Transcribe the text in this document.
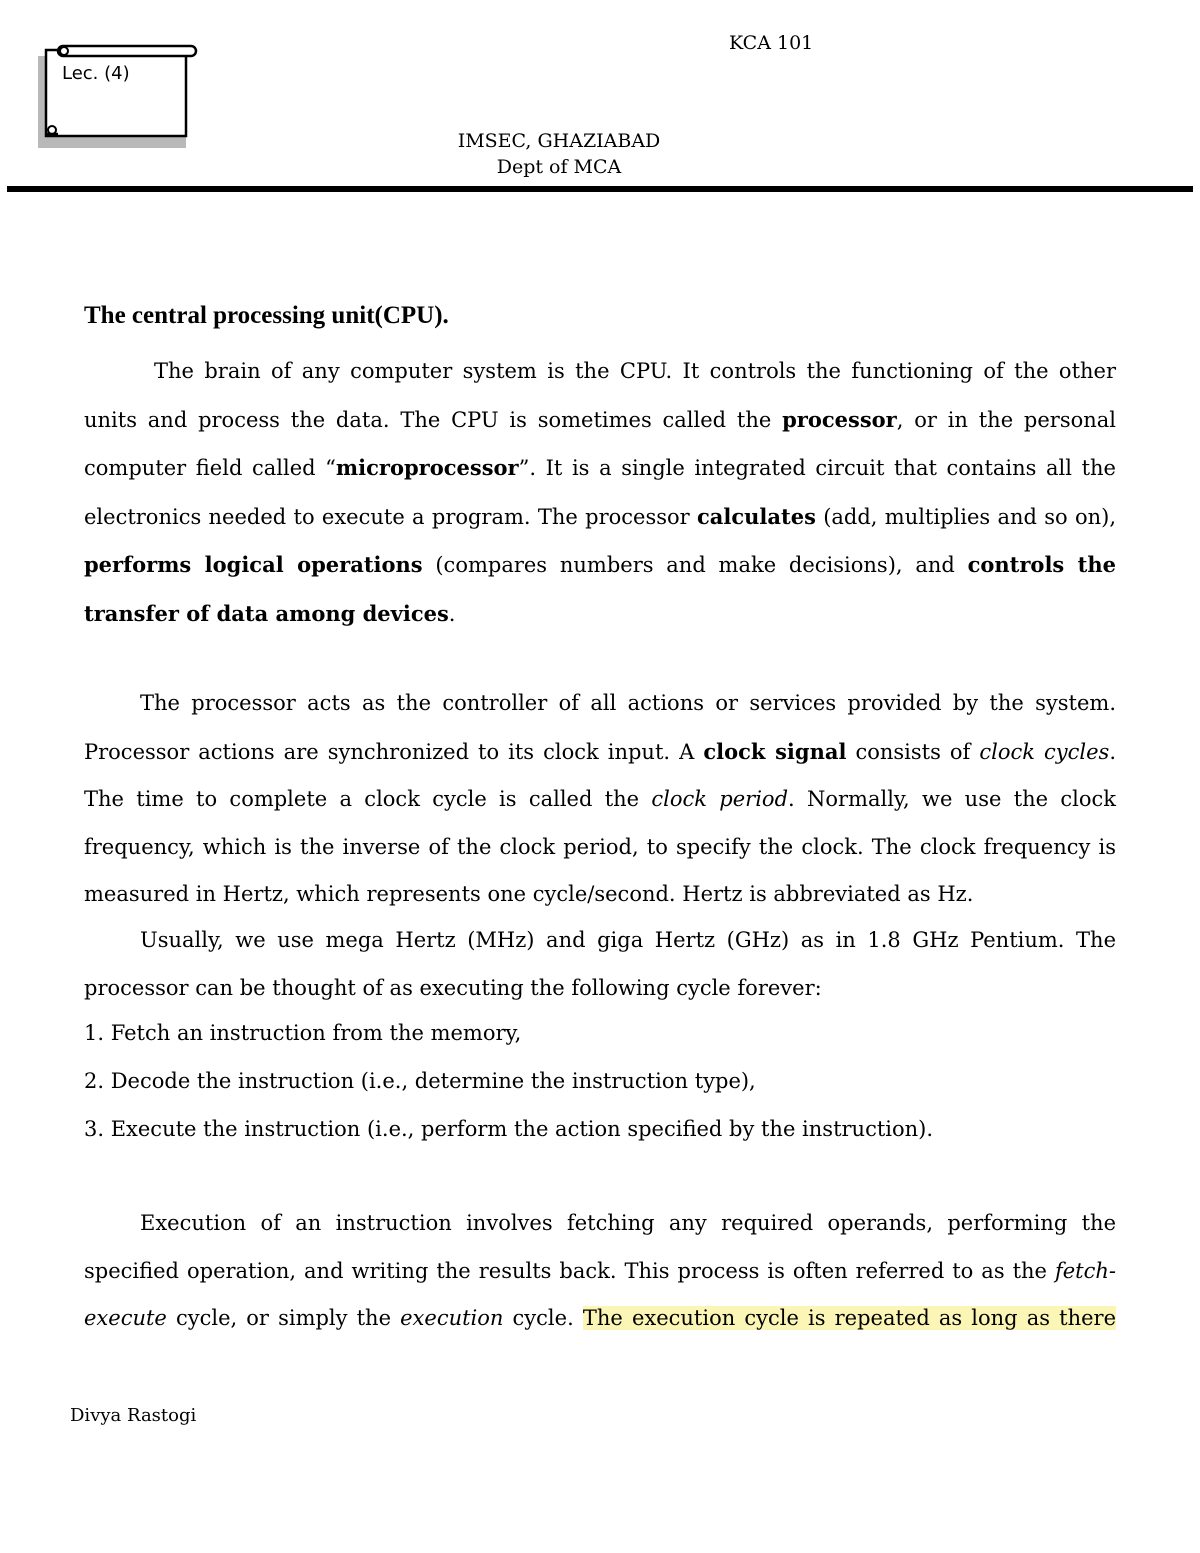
KCA 101
Lec. (4)
IMSEC, GHAZIABAD
Dept of MCA
The central processing unit(CPU).
The brain of any computer system is the CPU. It controls the functioning of the other units and process the data. The CPU is sometimes called the processor, or in the personal computer field called “microprocessor”. It is a single integrated circuit that contains all the electronics needed to execute a program. The processor calculates (add, multiplies and so on), performs logical operations (compares numbers and make decisions), and controls the transfer of data among devices.
The processor acts as the controller of all actions or services provided by the system. Processor actions are synchronized to its clock input. A clock signal consists of clock cycles. The time to complete a clock cycle is called the clock period. Normally, we use the clock frequency, which is the inverse of the clock period, to specify the clock. The clock frequency is measured in Hertz, which represents one cycle/second. Hertz is abbreviated as Hz.
Usually, we use mega Hertz (MHz) and giga Hertz (GHz) as in 1.8 GHz Pentium. The processor can be thought of as executing the following cycle forever:
1. Fetch an instruction from the memory,
2. Decode the instruction (i.e., determine the instruction type),
3. Execute the instruction (i.e., perform the action specified by the instruction).
Execution of an instruction involves fetching any required operands, performing the specified operation, and writing the results back. This process is often referred to as the fetch-execute cycle, or simply the execution cycle. The execution cycle is repeated as long as there
Divya Rastogi
